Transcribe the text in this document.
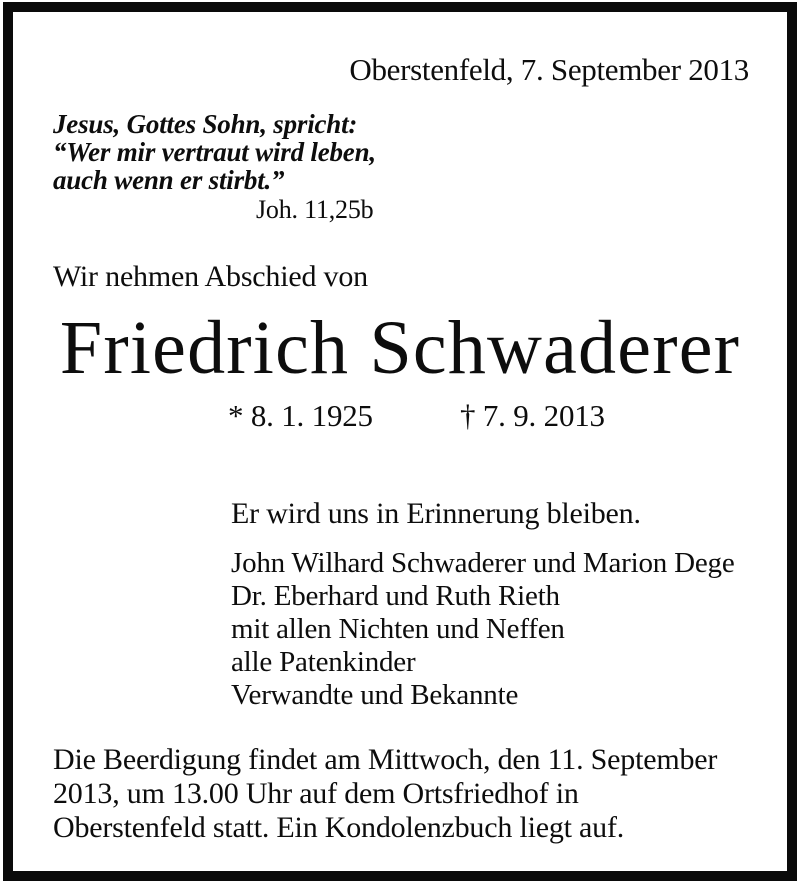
Oberstenfeld, 7. September 2013
Jesus, Gottes Sohn, spricht:
“Wer mir vertraut wird leben,
auch wenn er stirbt.”
Joh. 11,25b
Wir nehmen Abschied von
Friedrich Schwaderer
* 8. 1. 1925	† 7. 9. 2013
Er wird uns in Erinnerung bleiben.
John Wilhard Schwaderer und Marion Dege
Dr. Eberhard und Ruth Rieth
mit allen Nichten und Neffen
alle Patenkinder
Verwandte und Bekannte
Die Beerdigung findet am Mittwoch, den 11. September
2013, um 13.00 Uhr auf dem Ortsfriedhof in
Oberstenfeld statt. Ein Kondolenzbuch liegt auf.
